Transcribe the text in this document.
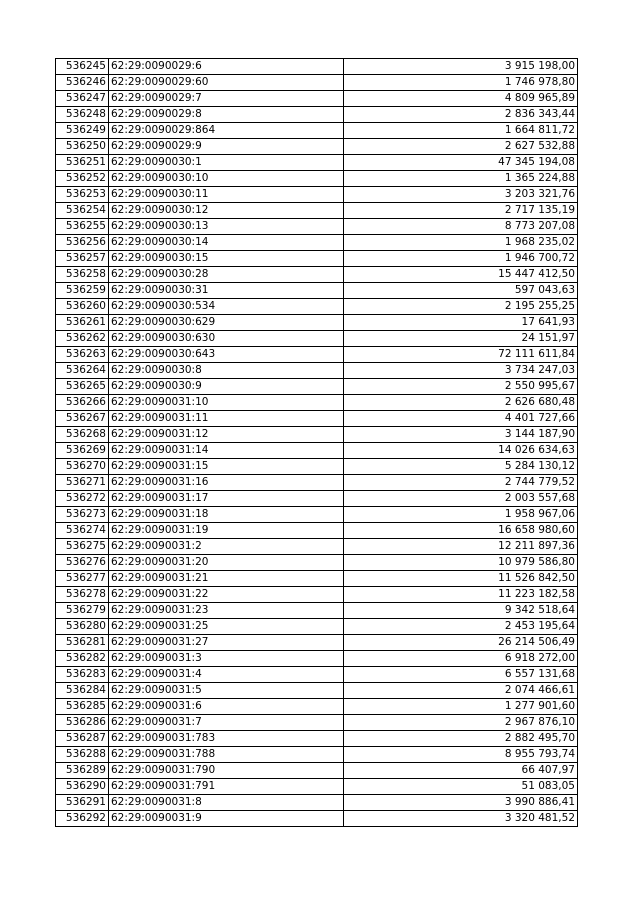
536245	62:29:0090029:6	3 915 198,00
536246	62:29:0090029:60	1 746 978,80
536247	62:29:0090029:7	4 809 965,89
536248	62:29:0090029:8	2 836 343,44
536249	62:29:0090029:864	1 664 811,72
536250	62:29:0090029:9	2 627 532,88
536251	62:29:0090030:1	47 345 194,08
536252	62:29:0090030:10	1 365 224,88
536253	62:29:0090030:11	3 203 321,76
536254	62:29:0090030:12	2 717 135,19
536255	62:29:0090030:13	8 773 207,08
536256	62:29:0090030:14	1 968 235,02
536257	62:29:0090030:15	1 946 700,72
536258	62:29:0090030:28	15 447 412,50
536259	62:29:0090030:31	597 043,63
536260	62:29:0090030:534	2 195 255,25
536261	62:29:0090030:629	17 641,93
536262	62:29:0090030:630	24 151,97
536263	62:29:0090030:643	72 111 611,84
536264	62:29:0090030:8	3 734 247,03
536265	62:29:0090030:9	2 550 995,67
536266	62:29:0090031:10	2 626 680,48
536267	62:29:0090031:11	4 401 727,66
536268	62:29:0090031:12	3 144 187,90
536269	62:29:0090031:14	14 026 634,63
536270	62:29:0090031:15	5 284 130,12
536271	62:29:0090031:16	2 744 779,52
536272	62:29:0090031:17	2 003 557,68
536273	62:29:0090031:18	1 958 967,06
536274	62:29:0090031:19	16 658 980,60
536275	62:29:0090031:2	12 211 897,36
536276	62:29:0090031:20	10 979 586,80
536277	62:29:0090031:21	11 526 842,50
536278	62:29:0090031:22	11 223 182,58
536279	62:29:0090031:23	9 342 518,64
536280	62:29:0090031:25	2 453 195,64
536281	62:29:0090031:27	26 214 506,49
536282	62:29:0090031:3	6 918 272,00
536283	62:29:0090031:4	6 557 131,68
536284	62:29:0090031:5	2 074 466,61
536285	62:29:0090031:6	1 277 901,60
536286	62:29:0090031:7	2 967 876,10
536287	62:29:0090031:783	2 882 495,70
536288	62:29:0090031:788	8 955 793,74
536289	62:29:0090031:790	66 407,97
536290	62:29:0090031:791	51 083,05
536291	62:29:0090031:8	3 990 886,41
536292	62:29:0090031:9	3 320 481,52
